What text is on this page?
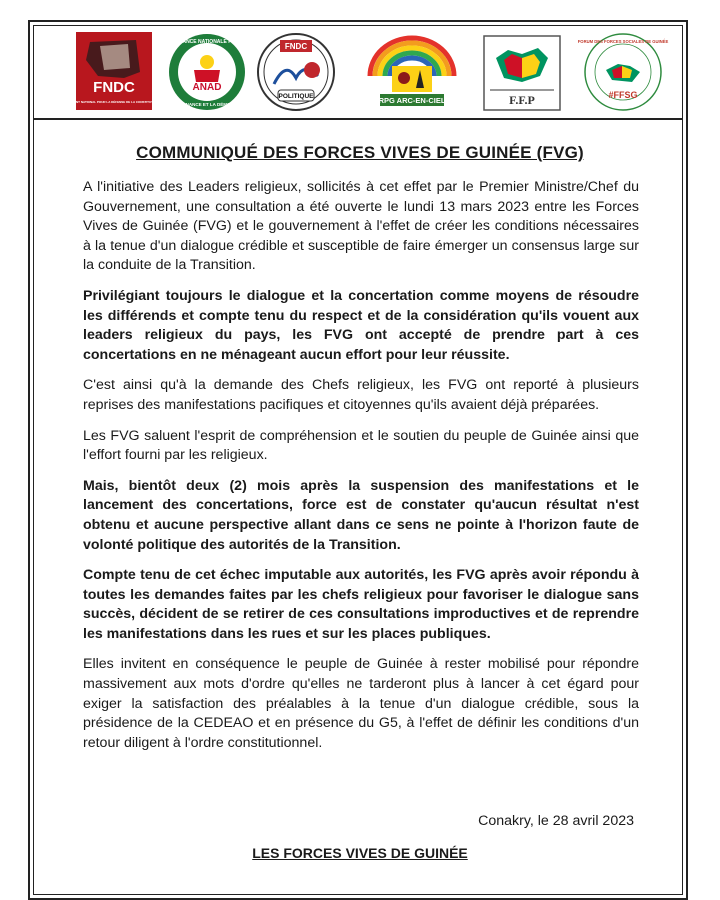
FNDC
FRONT NATIONAL POUR LA DÉFENSE DE LA CONSTITUTION
ANAD
ALLIANCE NATIONALE POUR
L'ALTERNANCE ET LA DÉMOCRATIE
FNDC
POLITIQUE	RPG ARC-EN-CIEL	F.F.P
FORUM DES FORCES SOCIALES DE GUINÉE
#FFSG
COMMUNIQUÉ DES FORCES VIVES DE GUINÉE (FVG)

A l'initiative des Leaders religieux, sollicités à cet effet par le Premier Ministre/Chef du Gouvernement, une consultation a été ouverte le lundi 13 mars 2023 entre les Forces Vives de Guinée (FVG) et le gouvernement à l'effet de créer les conditions nécessaires à la tenue d'un dialogue crédible et susceptible de faire émerger un consensus large sur la conduite de la Transition.

Privilégiant toujours le dialogue et la concertation comme moyens de résoudre les différends et compte tenu du respect et de la considération qu'ils vouent aux leaders religieux du pays, les FVG ont accepté de prendre part à ces concertations en ne ménageant aucun effort pour leur réussite.

C'est ainsi qu'à la demande des Chefs religieux, les FVG ont reporté à plusieurs reprises des manifestations pacifiques et citoyennes qu'ils avaient déjà préparées.

Les FVG saluent l'esprit de compréhension et le soutien du peuple de Guinée ainsi que l'effort fourni par les religieux.

Mais, bientôt deux (2) mois après la suspension des manifestations et le lancement des concertations, force est de constater qu'aucun résultat n'est obtenu et aucune perspective allant dans ce sens ne pointe à l'horizon faute de volonté politique des autorités de la Transition.

Compte tenu de cet échec imputable aux autorités, les FVG après avoir répondu à toutes les demandes faites par les chefs religieux pour favoriser le dialogue sans succès, décident de se retirer de ces consultations improductives et de reprendre les manifestations dans les rues et sur les places publiques.

Elles invitent en conséquence le peuple de Guinée à rester mobilisé pour répondre massivement aux mots d'ordre qu'elles ne tarderont plus à lancer à cet égard pour exiger la satisfaction des préalables à la tenue d'un dialogue crédible, sous la présidence de la CEDEAO et en présence du G5, à l'effet de définir les conditions d'un retour diligent à l'ordre constitutionnel.

Conakry, le 28 avril 2023
LES FORCES VIVES DE GUINÉE
